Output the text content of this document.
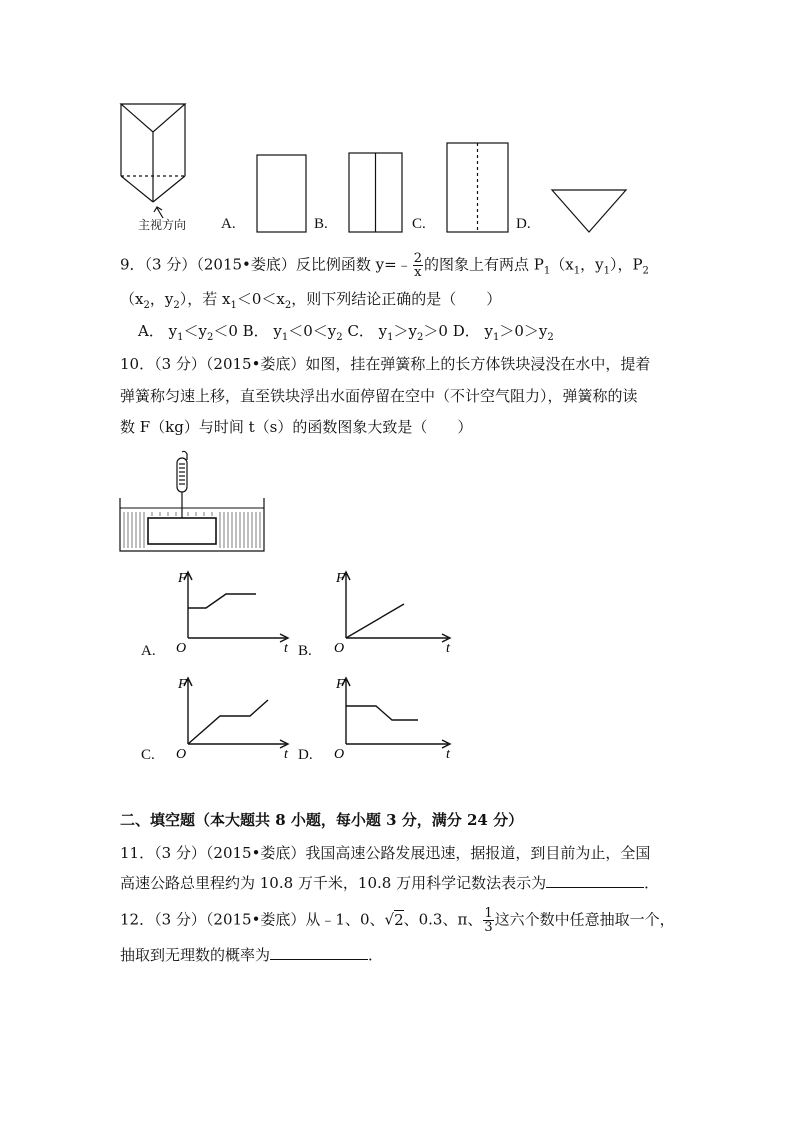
主视方向 A.	B.	C.	D.
9．（3 分）（2015•娄底）反比例函数 y=﹣ $\frac{2}{x}$ 的图象上有两点 $P_1(x_1$，$y_1$），$P_2$
（$x_2$，$y_2$），若 $x_1<0<x_2$，则下列结论正确的是（　　）
A． $y_1<y_2<0$ B． $y_1<0<y_2$ C． $y_1>y_2>0$ D． $y_1>0>y_2$
10．（3 分）（2015•娄底）如图，挂在弹簧称上的长方体铁块浸没在水中，提着
弹簧称匀速上移，直至铁块浮出水面停留在空中（不计空气阻力），弹簧称的读
数 F（kg）与时间 t（s）的函数图象大致是（　　）
A.
F
t
O	B.
F
t
O
C.
F
t
O	D.
F
t
O
二、填空题（本大题共 8 小题，每小题 3 分，满分 24 分）
11．（3 分）（2015•娄底）我国高速公路发展迅速，据报道，到目前为止，全国
高速公路总里程约为 10.8 万千米，10.8 万用科学记数法表示为	．
12．（3 分）（2015•娄底）从﹣1、0、√2、0.3、π、 $\frac{1}{3}$ 这六个数中任意抽取一个，
抽取到无理数的概率为	．
